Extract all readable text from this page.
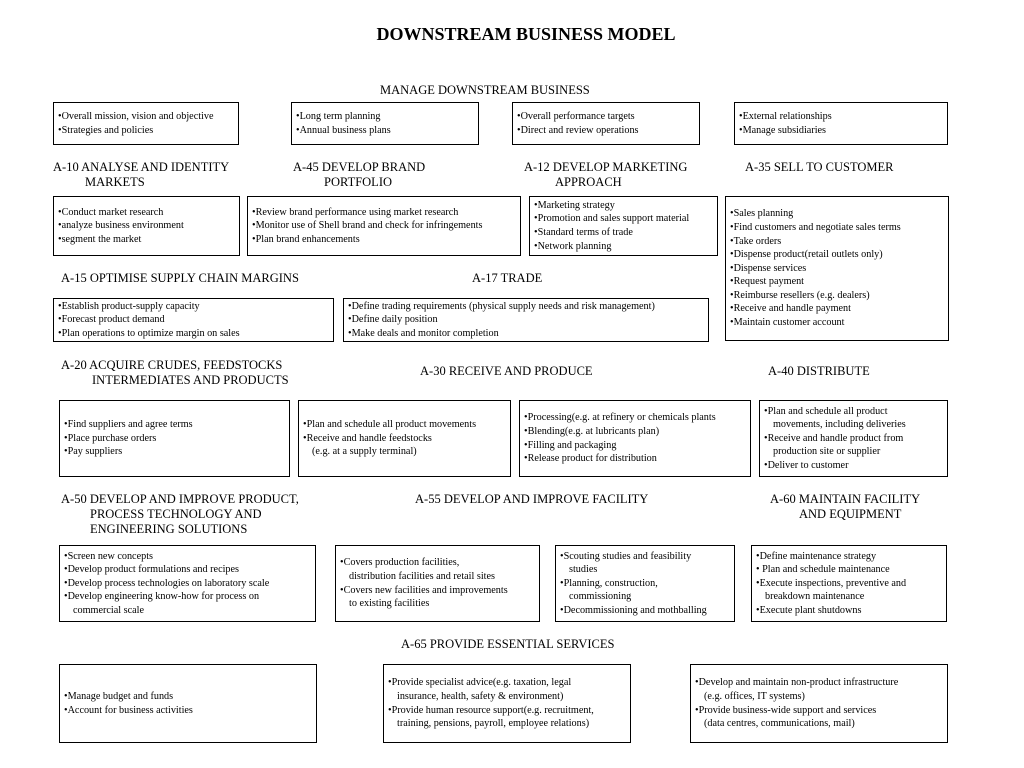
DOWNSTREAM BUSINESS MODEL
MANAGE DOWNSTREAM BUSINESS
•Overall mission, vision and objective
•Strategies and policies
•Long term planning
•Annual business plans
•Overall performance targets
•Direct and review operations
•External relationships
•Manage subsidiaries
A-10 ANALYSE AND IDENTITY
MARKETS
A-45 DEVELOP BRAND
PORTFOLIO
A-12 DEVELOP MARKETING
APPROACH
A-35 SELL TO CUSTOMER
•Conduct market research
•analyze business environment
•segment the market
•Review brand performance using market research
•Monitor use of Shell brand and check for infringements
•Plan brand enhancements
•Marketing strategy
•Promotion and sales support material
•Standard terms of trade
•Network planning
•Sales planning
•Find customers and negotiate sales terms
•Take orders
•Dispense product(retail outlets only)
•Dispense services
•Request payment
•Reimburse resellers (e.g. dealers)
•Receive and handle payment
•Maintain customer account
A-15 OPTIMISE SUPPLY CHAIN MARGINS	A-17 TRADE
•Establish product-supply capacity
•Forecast product demand
•Plan operations to optimize margin on sales
•Define trading requirements (physical supply needs and risk management)
•Define daily position
•Make deals and monitor completion
A-20 ACQUIRE CRUDES, FEEDSTOCKS
INTERMEDIATES AND PRODUCTS
A-30 RECEIVE AND PRODUCE	A-40 DISTRIBUTE
•Find suppliers and agree terms
•Place purchase orders
•Pay suppliers
•Plan and schedule all product movements
•Receive and handle feedstocks
(e.g. at a supply terminal)
•Processing(e.g. at refinery or chemicals plants
•Blending(e.g. at lubricants plan)
•Filling and packaging
•Release product for distribution
•Plan and schedule all product
movements, including deliveries
•Receive and handle product from
production site or supplier
•Deliver to customer
A-50 DEVELOP AND IMPROVE PRODUCT,
PROCESS TECHNOLOGY AND
ENGINEERING SOLUTIONS
A-55 DEVELOP AND IMPROVE FACILITY	A-60 MAINTAIN FACILITY
AND EQUIPMENT
•Screen new concepts
•Develop product formulations and recipes
•Develop process technologies on laboratory scale
•Develop engineering know-how for process on
commercial scale
•Covers production facilities,
distribution facilities and retail sites
•Covers new facilities and improvements
to existing facilities
•Scouting studies and feasibility
studies
•Planning, construction,
commissioning
•Decommissioning and mothballing
•Define maintenance strategy
• Plan and schedule maintenance
•Execute inspections, preventive and
breakdown maintenance
•Execute plant shutdowns
A-65 PROVIDE ESSENTIAL SERVICES
•Manage budget and funds
•Account for business activities
•Provide specialist advice(e.g. taxation, legal
insurance, health, safety & environment)
•Provide human resource support(e.g. recruitment,
training, pensions, payroll, employee relations)
•Develop and maintain non-product infrastructure
(e.g. offices, IT systems)
•Provide business-wide support and services
(data centres, communications, mail)
